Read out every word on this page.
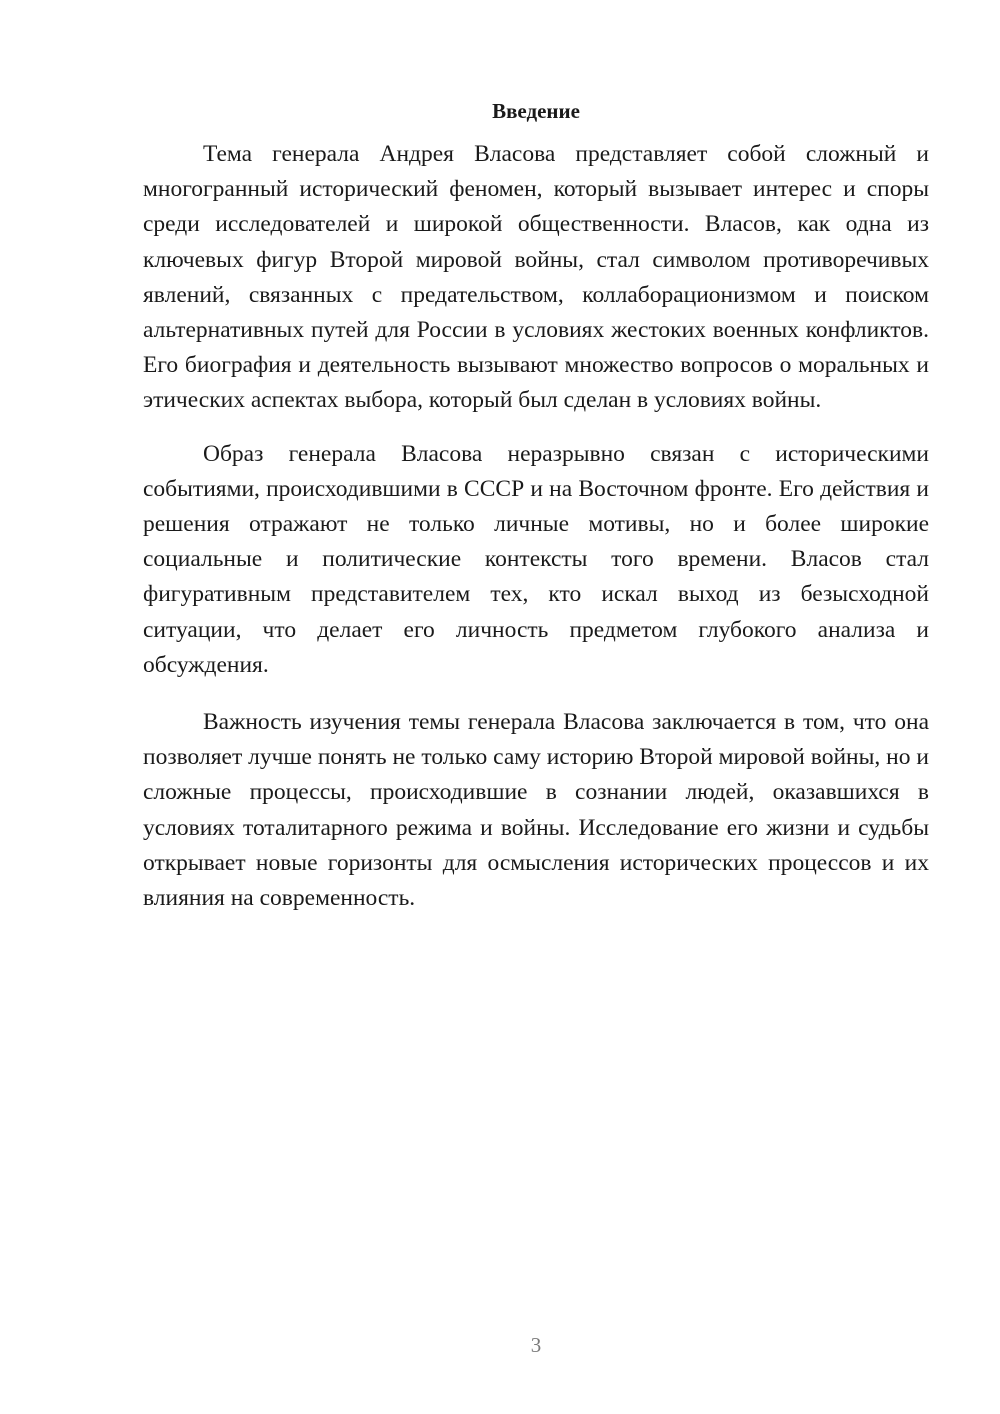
Введение

Тема генерала Андрея Власова представляет собой сложный и многогранный исторический феномен, который вызывает интерес и споры среди исследователей и широкой общественности. Власов, как одна из ключевых фигур Второй мировой войны, стал символом противоречивых явлений, связанных с предательством, коллаборационизмом и поиском альтернативных путей для России в условиях жестоких военных конфликтов. Его биография и деятельность вызывают множество вопросов о моральных и этических аспектах выбора, который был сделан в условиях войны.

Образ генерала Власова неразрывно связан с историческими событиями, происходившими в СССР и на Восточном фронте. Его действия и решения отражают не только личные мотивы, но и более широкие социальные и политические контексты того времени. Власов стал фигуративным представителем тех, кто искал выход из безысходной ситуации, что делает его личность предметом глубокого анализа и обсуждения.

Важность изучения темы генерала Власова заключается в том, что она позволяет лучше понять не только саму историю Второй мировой войны, но и сложные процессы, происходившие в сознании людей, оказавшихся в условиях тоталитарного режима и войны. Исследование его жизни и судьбы открывает новые горизонты для осмысления исторических процессов и их влияния на современность.

3
